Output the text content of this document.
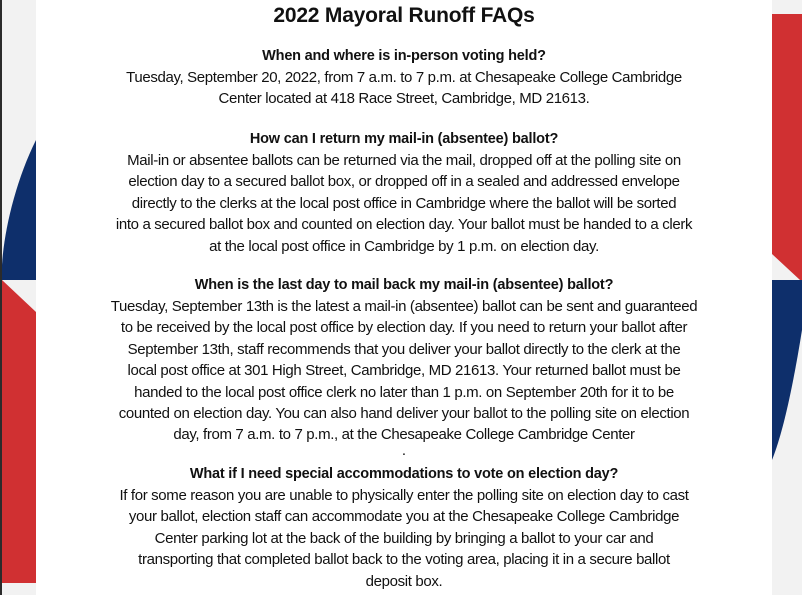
2022 Mayoral Runoff FAQs
When and where is in-person voting held?
Tuesday, September 20, 2022, from 7 a.m. to 7 p.m. at Chesapeake College Cambridge
Center located at 418 Race Street, Cambridge, MD 21613.
How can I return my mail-in (absentee) ballot?
Mail-in or absentee ballots can be returned via the mail, dropped off at the polling site on
election day to a secured ballot box, or dropped off in a sealed and addressed envelope
directly to the clerks at the local post office in Cambridge where the ballot will be sorted
into a secured ballot box and counted on election day. Your ballot must be handed to a clerk
at the local post office in Cambridge by 1 p.m. on election day.
When is the last day to mail back my mail-in (absentee) ballot?
Tuesday, September 13th is the latest a mail-in (absentee) ballot can be sent and guaranteed
to be received by the local post office by election day. If you need to return your ballot after
September 13th, staff recommends that you deliver your ballot directly to the clerk at the
local post office at 301 High Street, Cambridge, MD 21613. Your returned ballot must be
handed to the local post office clerk no later than 1 p.m. on September 20th for it to be
counted on election day. You can also hand deliver your ballot to the polling site on election
day, from 7 a.m. to 7 p.m., at the Chesapeake College Cambridge Center
.
What if I need special accommodations to vote on election day?
If for some reason you are unable to physically enter the polling site on election day to cast
your ballot, election staff can accommodate you at the Chesapeake College Cambridge
Center parking lot at the back of the building by bringing a ballot to your car and
transporting that completed ballot back to the voting area, placing it in a secure ballot
deposit box.
